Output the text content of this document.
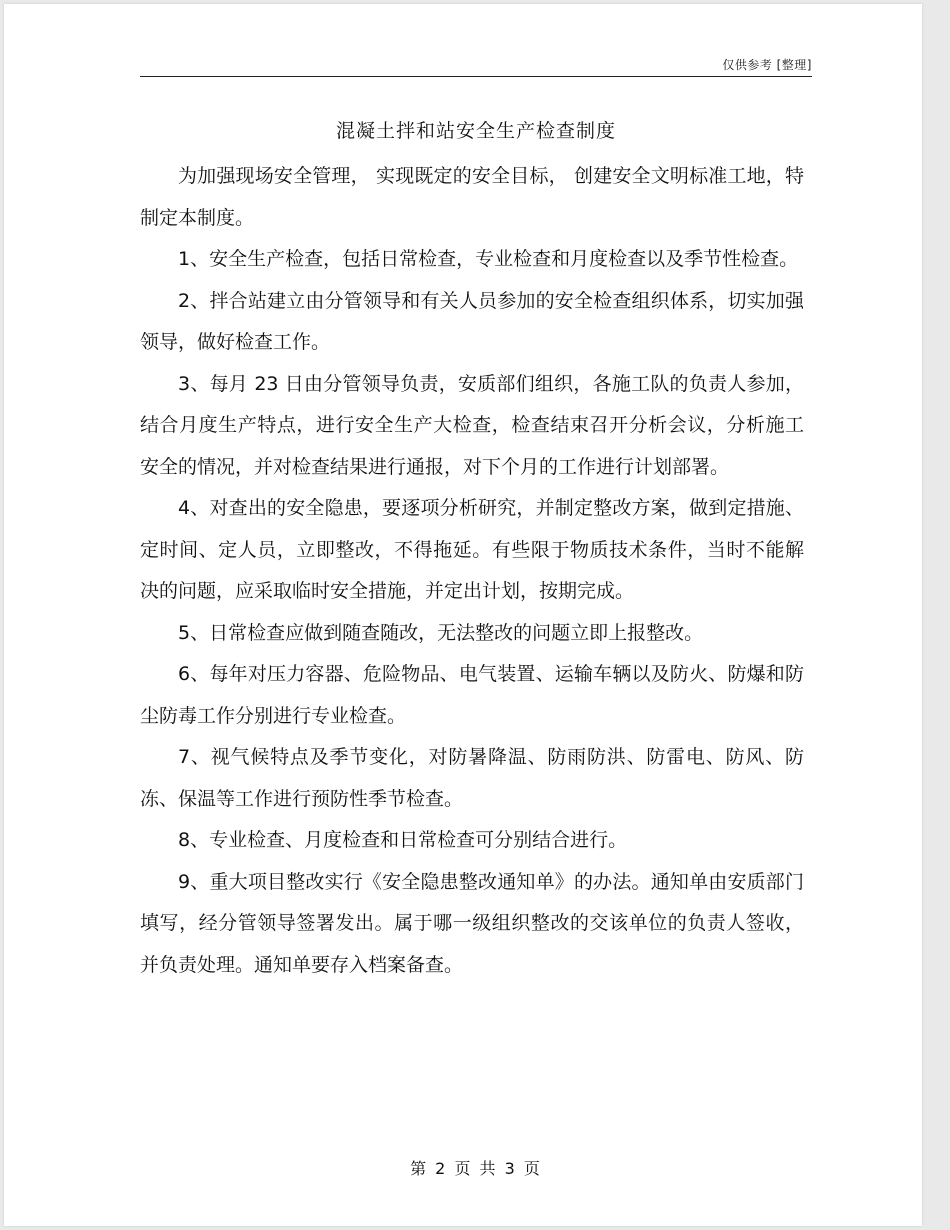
仅供参考 [整理]
混凝土拌和站安全生产检查制度

为加强现场安全管理， 实现既定的安全目标， 创建安全文明标准工地，特制定本制度。

1、安全生产检查，包括日常检查，专业检查和月度检查以及季节性检查。

2、拌合站建立由分管领导和有关人员参加的安全检查组织体系，切实加强领导，做好检查工作。

3、每月 23 日由分管领导负责，安质部们组织，各施工队的负责人参加，结合月度生产特点，进行安全生产大检查，检查结束召开分析会议，分析施工安全的情况，并对检查结果进行通报，对下个月的工作进行计划部署。

4、对查出的安全隐患，要逐项分析研究，并制定整改方案，做到定措施、定时间、定人员，立即整改，不得拖延。有些限于物质技术条件，当时不能解决的问题，应采取临时安全措施，并定出计划，按期完成。

5、日常检查应做到随查随改，无法整改的问题立即上报整改。

6、每年对压力容器、危险物品、电气装置、运输车辆以及防火、防爆和防尘防毒工作分别进行专业检查。

7、视气候特点及季节变化，对防暑降温、防雨防洪、防雷电、防风、防冻、保温等工作进行预防性季节检查。

8、专业检查、月度检查和日常检查可分别结合进行。

9、重大项目整改实行《安全隐患整改通知单》的办法。通知单由安质部门填写，经分管领导签署发出。属于哪一级组织整改的交该单位的负责人签收，并负责处理。通知单要存入档案备查。

第 2 页 共 3 页
